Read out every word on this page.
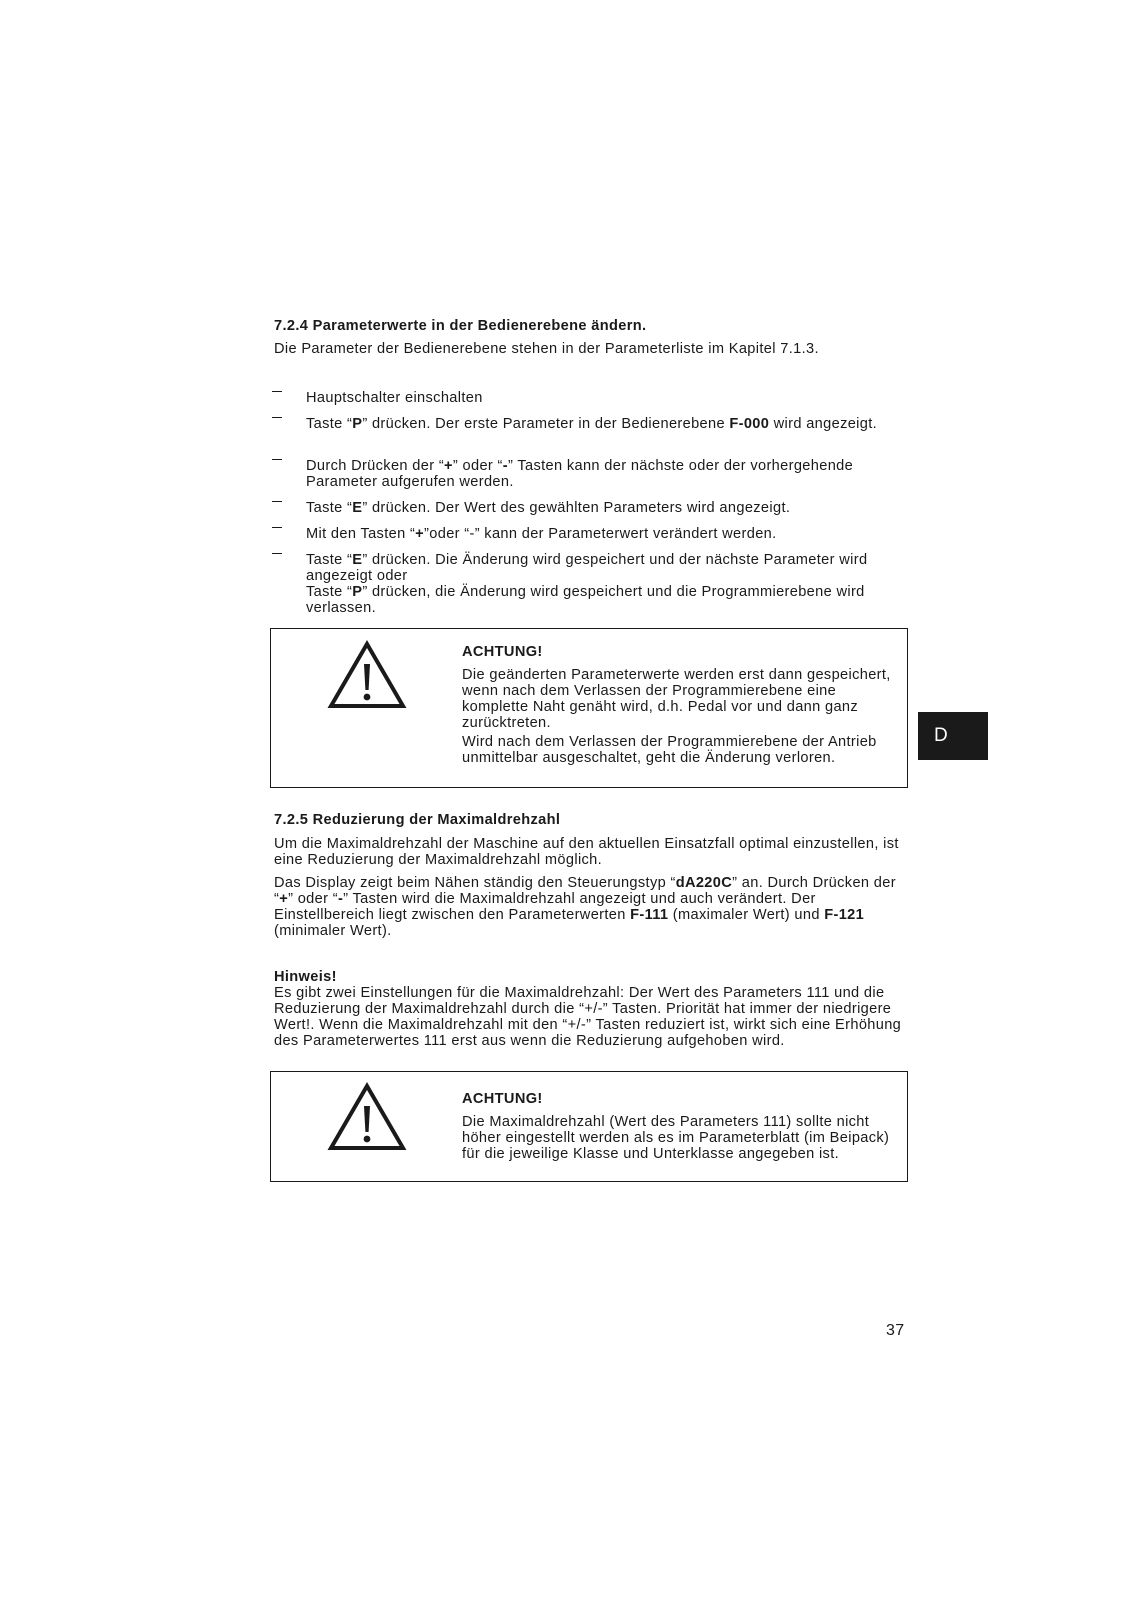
7.2.4 Parameterwerte in der Bedienerebene ändern.
Die Parameter der Bedienerebene stehen in der Parameterliste im Kapitel 7.1.3.
Hauptschalter einschalten
Taste “P” drücken. Der erste Parameter in der Bedienerebene F-000 wird angezeigt.
Durch Drücken der “+” oder “-” Tasten kann der nächste oder der vorhergehende Parameter aufgerufen werden.
Taste “E” drücken. Der Wert des gewählten Parameters wird angezeigt.
Mit den Tasten “+”oder “-” kann der Parameterwert verändert werden.
Taste “E” drücken. Die Änderung wird gespeichert und der nächste Parameter wird angezeigt oder
Taste “P” drücken, die Änderung wird gespeichert und die Programmierebene wird verlassen.
ACHTUNG!
Die geänderten Parameterwerte werden erst dann gespeichert, wenn nach dem Verlassen der Programmierebene eine komplette Naht genäht wird, d.h. Pedal vor und dann ganz zurücktreten.
Wird nach dem Verlassen der Programmierebene der Antrieb unmittelbar ausgeschaltet, geht die Änderung verloren.
7.2.5 Reduzierung der Maximaldrehzahl
Um die Maximaldrehzahl der Maschine auf den aktuellen Einsatzfall optimal einzustellen, ist eine Reduzierung der Maximaldrehzahl möglich.
Das Display zeigt beim Nähen ständig den Steuerungstyp “dA220C” an. Durch Drücken der “+” oder “-” Tasten wird die Maximaldrehzahl angezeigt und auch verändert. Der Einstellbereich liegt zwischen den Parameterwerten F-111 (maximaler Wert) und F-121 (minimaler Wert).
Hinweis!
Es gibt zwei Einstellungen für die Maximaldrehzahl: Der Wert des Parameters 111 und die Reduzierung der Maximaldrehzahl durch die “+/-” Tasten. Priorität hat immer der niedrigere Wert!. Wenn die Maximaldrehzahl mit den “+/-” Tasten reduziert ist, wirkt sich eine Erhöhung des Parameterwertes 111 erst aus wenn die Reduzierung aufgehoben wird.
ACHTUNG!
Die Maximaldrehzahl (Wert des Parameters 111) sollte nicht höher eingestellt werden als es im Parameterblatt (im Beipack) für die jeweilige Klasse und Unterklasse angegeben ist.
D
37
